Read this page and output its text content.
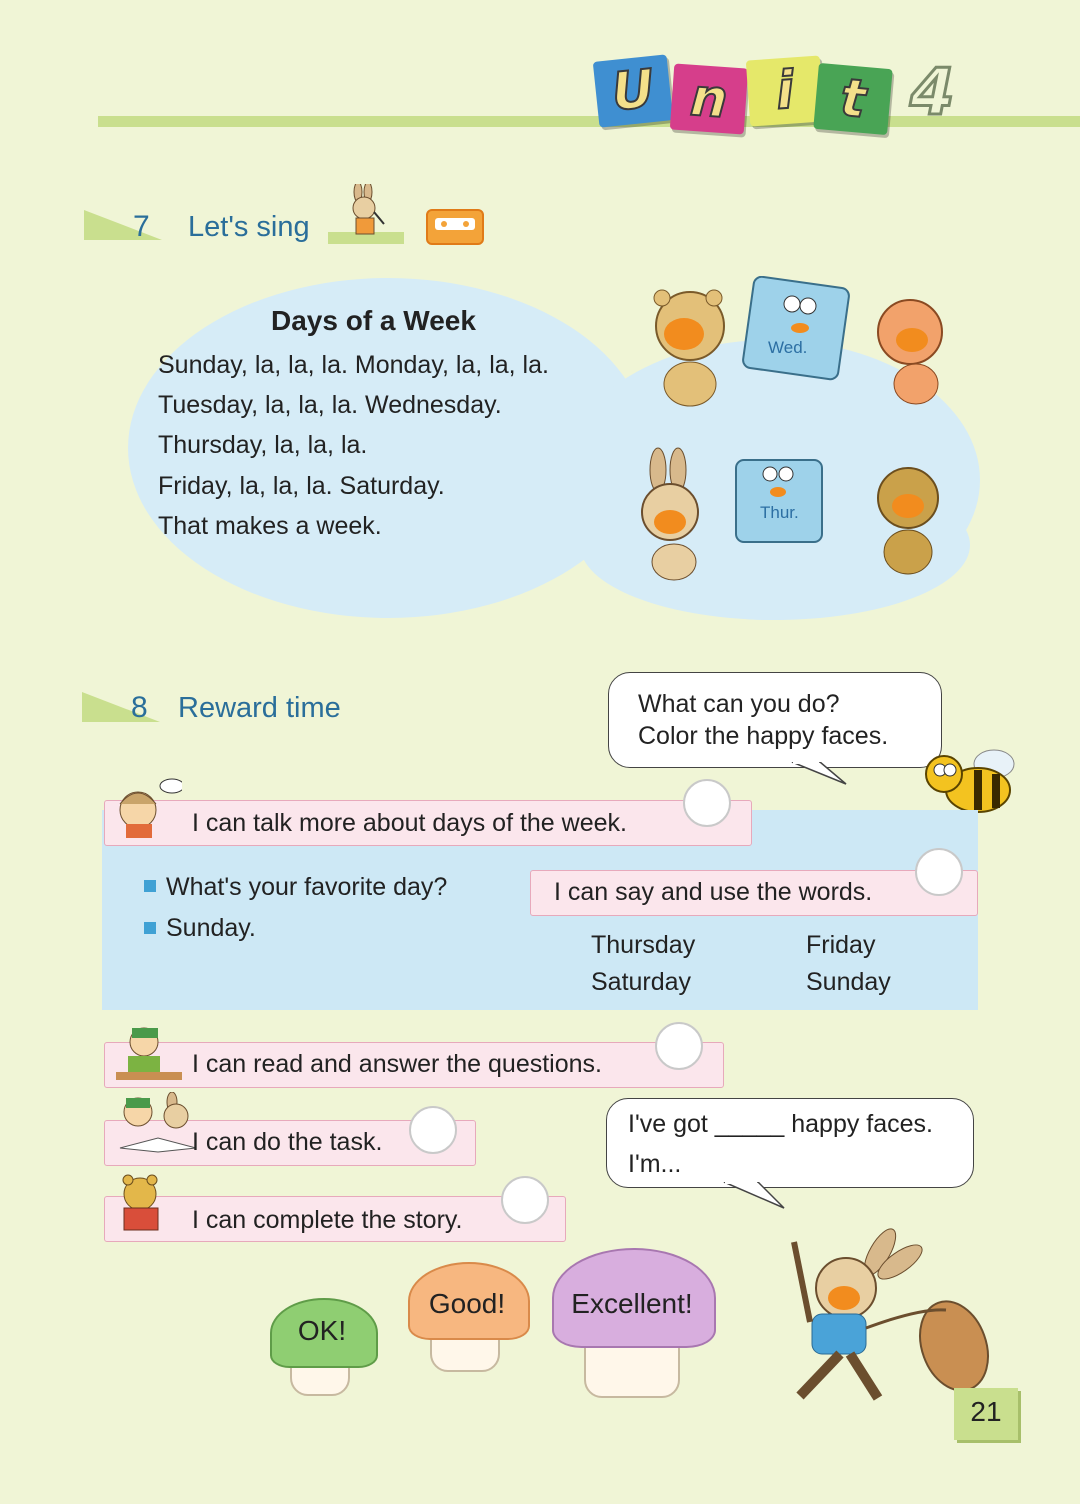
U n i t 4
7 Let's sing
Days of a Week
Sunday, la, la, la. Monday, la, la, la.
Tuesday, la, la, la. Wednesday.
Thursday, la, la, la.
Friday, la, la, la. Saturday.
That makes a week.
Wed.
Thur.
8 Reward time	What can you do?
Color the happy faces.
I can talk more about days of the week.
What's your favorite day?
Sunday.
I can say and use the words.
Thursday	Friday
Saturday	Sunday
I can read and answer the questions.
I can do the task.
I can complete the story.
I've got _____ happy faces.
I'm...
OK!
Good!	Excellent!
21
